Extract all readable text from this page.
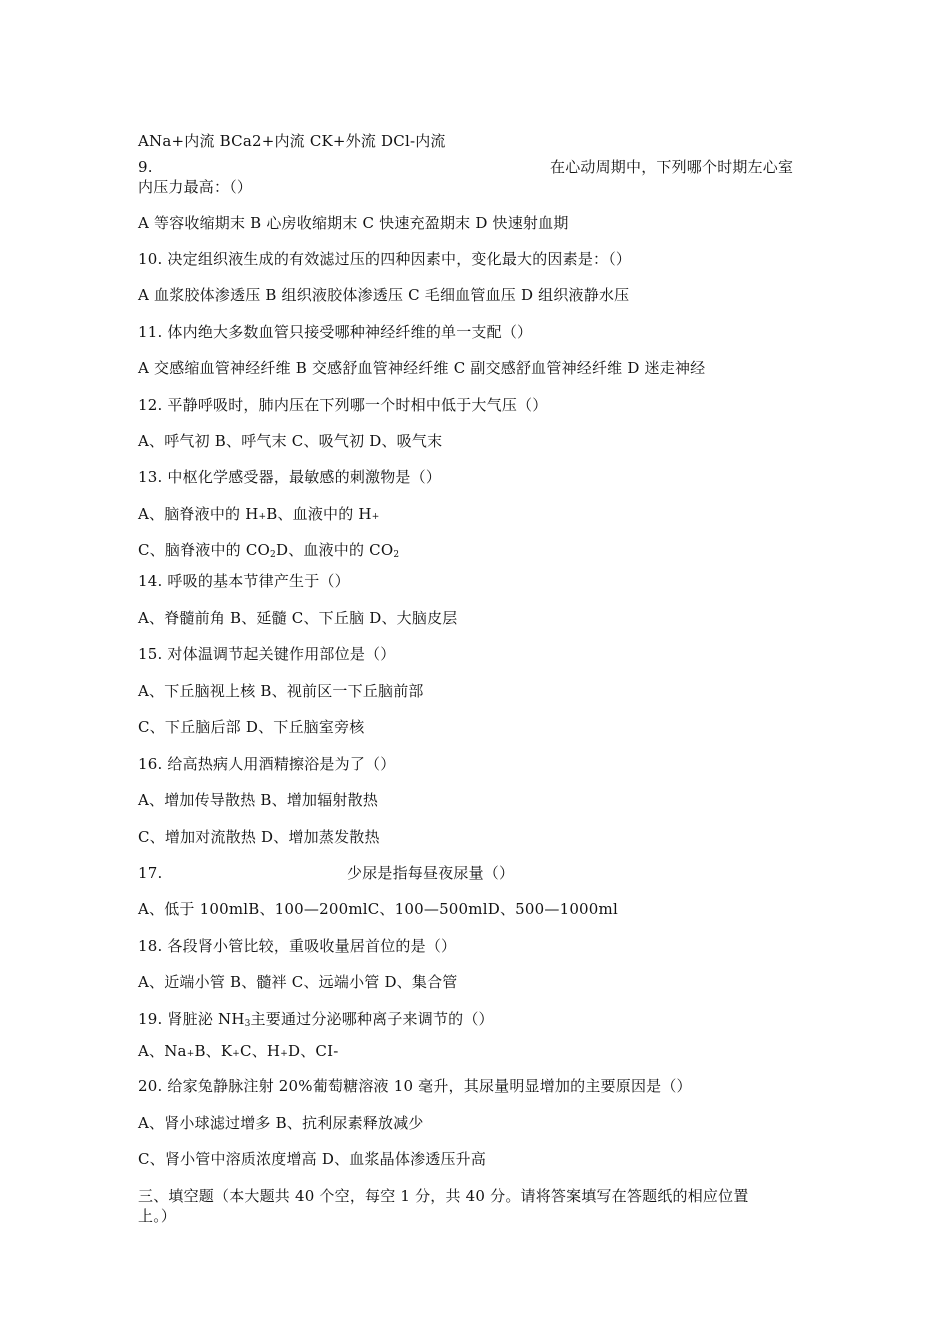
ANa+内流 BCa2+内流 CK+外流 DCl-内流
9.	在心动周期中，下列哪个时期左心室
内压力最高：（）
A 等容收缩期末 B 心房收缩期末 C 快速充盈期末 D 快速射血期
10. 决定组织液生成的有效滤过压的四种因素中，变化最大的因素是：（）
A 血浆胶体渗透压 B 组织液胶体渗透压 C 毛细血管血压 D 组织液静水压
11. 体内绝大多数血管只接受哪种神经纤维的单一支配（）
A 交感缩血管神经纤维 B 交感舒血管神经纤维 C 副交感舒血管神经纤维 D 迷走神经
12. 平静呼吸时，肺内压在下列哪一个时相中低于大气压（）
A、呼气初 B、呼气末 C、吸气初 D、吸气末
13. 中枢化学感受器，最敏感的刺激物是（）
A、脑脊液中的 H+B、血液中的 H+
C、脑脊液中的 CO2D、血液中的 CO2
14. 呼吸的基本节律产生于（）
A、脊髓前角 B、延髓 C、下丘脑 D、大脑皮层
15. 对体温调节起关键作用部位是（）
A、下丘脑视上核 B、视前区一下丘脑前部
C、下丘脑后部 D、下丘脑室旁核
16. 给高热病人用酒精擦浴是为了（）
A、增加传导散热 B、增加辐射散热
C、增加对流散热 D、增加蒸发散热
17.	少尿是指每昼夜尿量（）
A、低于 100mlB、100—200mlC、100—500mlD、500—1000ml
18. 各段肾小管比较，重吸收量居首位的是（）
A、近端小管 B、髓袢 C、远端小管 D、集合管
19. 肾脏泌 NH3主要通过分泌哪种离子来调节的（）
A、Na+B、K+C、H+D、CI-
20. 给家兔静脉注射 20%葡萄糖溶液 10 毫升，其尿量明显增加的主要原因是（）
A、肾小球滤过增多 B、抗利尿素释放减少
C、肾小管中溶质浓度增高 D、血浆晶体渗透压升高
三、填空题（本大题共 40 个空，每空 1 分，共 40 分。请将答案填写在答题纸的相应位置
上。）
